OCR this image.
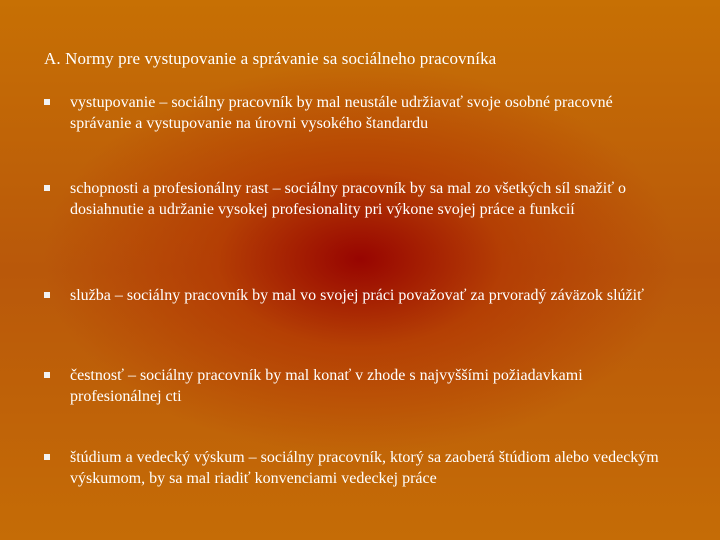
A. Normy pre vystupovanie a správanie sa sociálneho pracovníka
vystupovanie – sociálny pracovník by mal neustále udržiavať svoje osobné pracovné správanie a vystupovanie na úrovni vysokého štandardu
schopnosti a profesionálny rast – sociálny pracovník by sa mal zo všetkých síl snažiť o dosiahnutie a udržanie vysokej profesionality pri výkone svojej práce a funkcií
služba – sociálny pracovník by mal vo svojej práci považovať za prvoradý záväzok slúžiť
čestnosť – sociálny pracovník by mal konať v zhode s najvyššími požiadavkami profesionálnej cti
štúdium a vedecký výskum – sociálny pracovník, ktorý sa zaoberá štúdiom alebo vedeckým výskumom, by sa mal riadiť konvenciami vedeckej práce
